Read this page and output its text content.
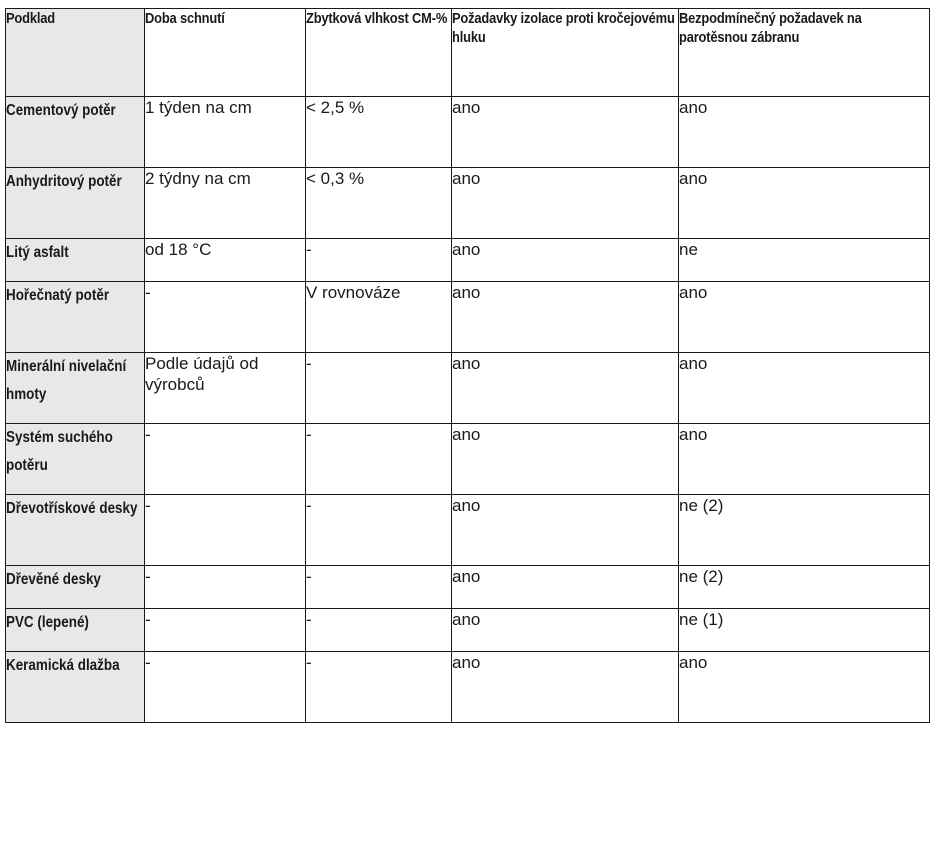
Podklad	Doba schnutí	Zbytková vlhkost CM-%	Požadavky izolace proti kročejovému hluku	Bezpodmínečný požadavek na parotěsnou zábranu
Cementový potěr	1 týden na cm	< 2,5 %	ano	ano
Anhydritový potěr	2 týdny na cm	< 0,3 %	ano	ano
Litý asfalt	od 18 °C	-	ano	ne
Hořečnatý potěr	-	V rovnováze	ano	ano
Minerální nivelační hmoty	Podle údajů od výrobců	-	ano	ano
Systém suchého potěru	-	-	ano	ano
Dřevotřískové desky	-	-	ano	ne (2)
Dřevěné desky	-	-	ano	ne (2)
PVC (lepené)	-	-	ano	ne (1)
Keramická dlažba	-	-	ano	ano
